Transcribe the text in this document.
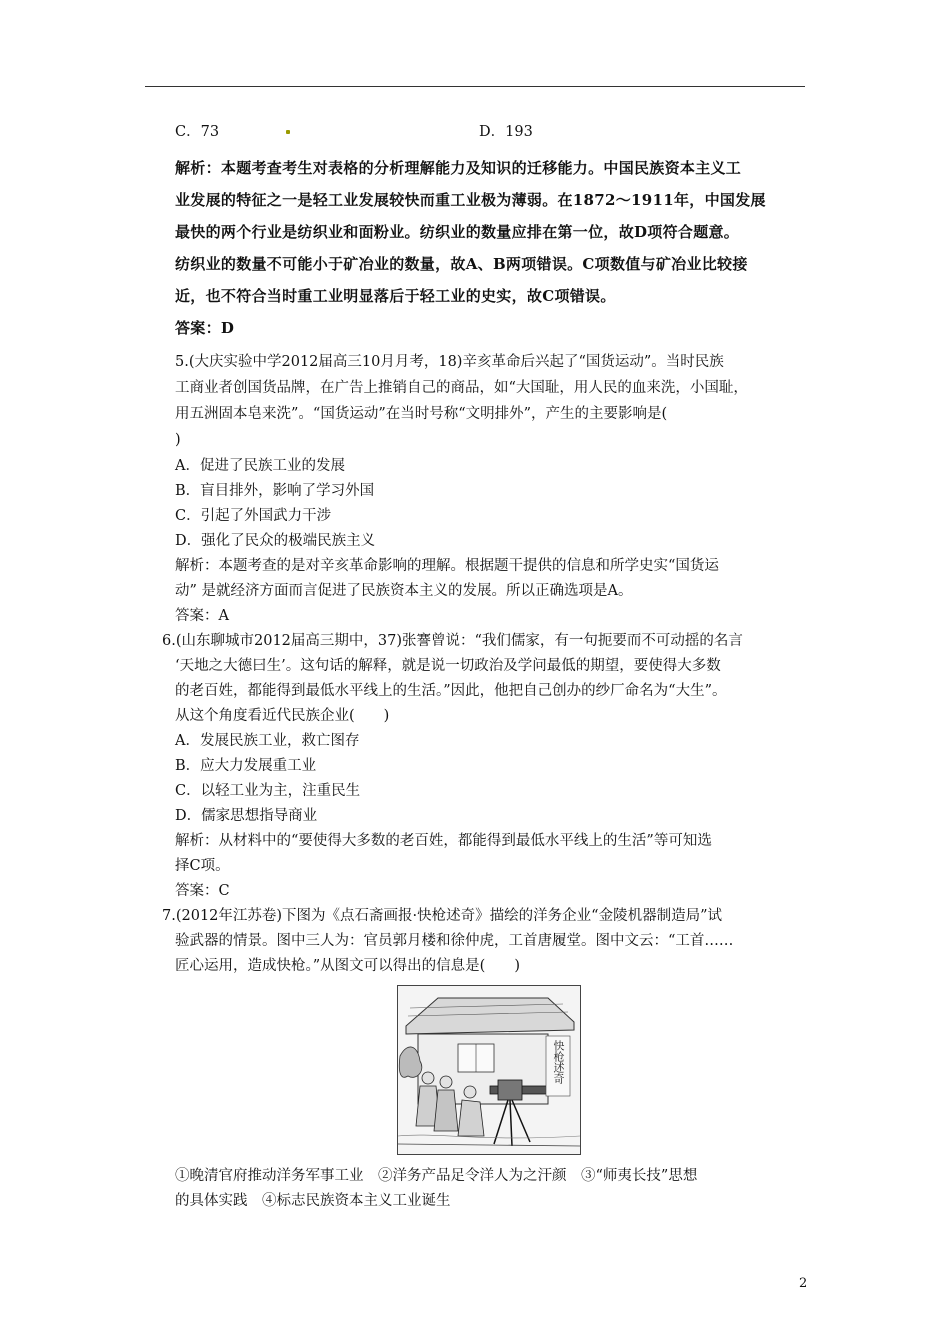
C．73	D．193
解析：本题考查考生对表格的分析理解能力及知识的迁移能力。中国民族资本主义工
业发展的特征之一是轻工业发展较快而重工业极为薄弱。在1872～1911年，中国发展
最快的两个行业是纺织业和面粉业。纺织业的数量应排在第一位，故D项符合题意。
纺织业的数量不可能小于矿冶业的数量，故A、B两项错误。C项数值与矿冶业比较接
近，也不符合当时重工业明显落后于轻工业的史实，故C项错误。
答案：D
5.(大庆实验中学2012届高三10月月考，18)辛亥革命后兴起了“国货运动”。当时民族
工商业者创国货品牌，在广告上推销自己的商品，如“大国耻，用人民的血来洗，小国耻，
用五洲固本皂来洗”。“国货运动”在当时号称“文明排外”，产生的主要影响是(
)
A．促进了民族工业的发展
B．盲目排外，影响了学习外国
C．引起了外国武力干涉
D．强化了民众的极端民族主义
解析：本题考查的是对辛亥革命影响的理解。根据题干提供的信息和所学史实“国货运
动” 是就经济方面而言促进了民族资本主义的发展。所以正确选项是A。
答案：A
6.(山东聊城市2012届高三期中，37)张謇曾说：“我们儒家，有一句扼要而不可动摇的名言
‘天地之大德曰生’。这句话的解释，就是说一切政治及学问最低的期望，要使得大多数
的老百姓，都能得到最低水平线上的生活。”因此，他把自己创办的纱厂命名为“大生”。
从这个角度看近代民族企业(　　)
A．发展民族工业，救亡图存
B．应大力发展重工业
C．以轻工业为主，注重民生
D．儒家思想指导商业
解析：从材料中的“要使得大多数的老百姓，都能得到最低水平线上的生活”等可知选
择C项。
答案：C
7.(2012年江苏卷)下图为《点石斋画报·快枪述奇》描绘的洋务企业“金陵机器制造局”试
验武器的情景。图中三人为：官员郭月楼和徐仲虎，工首唐履堂。图中文云：“工首……
匠心运用，造成快枪。”从图文可以得出的信息是(　　)
快枪述奇
①晚清官府推动洋务军事工业　②洋务产品足令洋人为之汗颜　③“师夷长技”思想
的具体实践　④标志民族资本主义工业诞生
2
